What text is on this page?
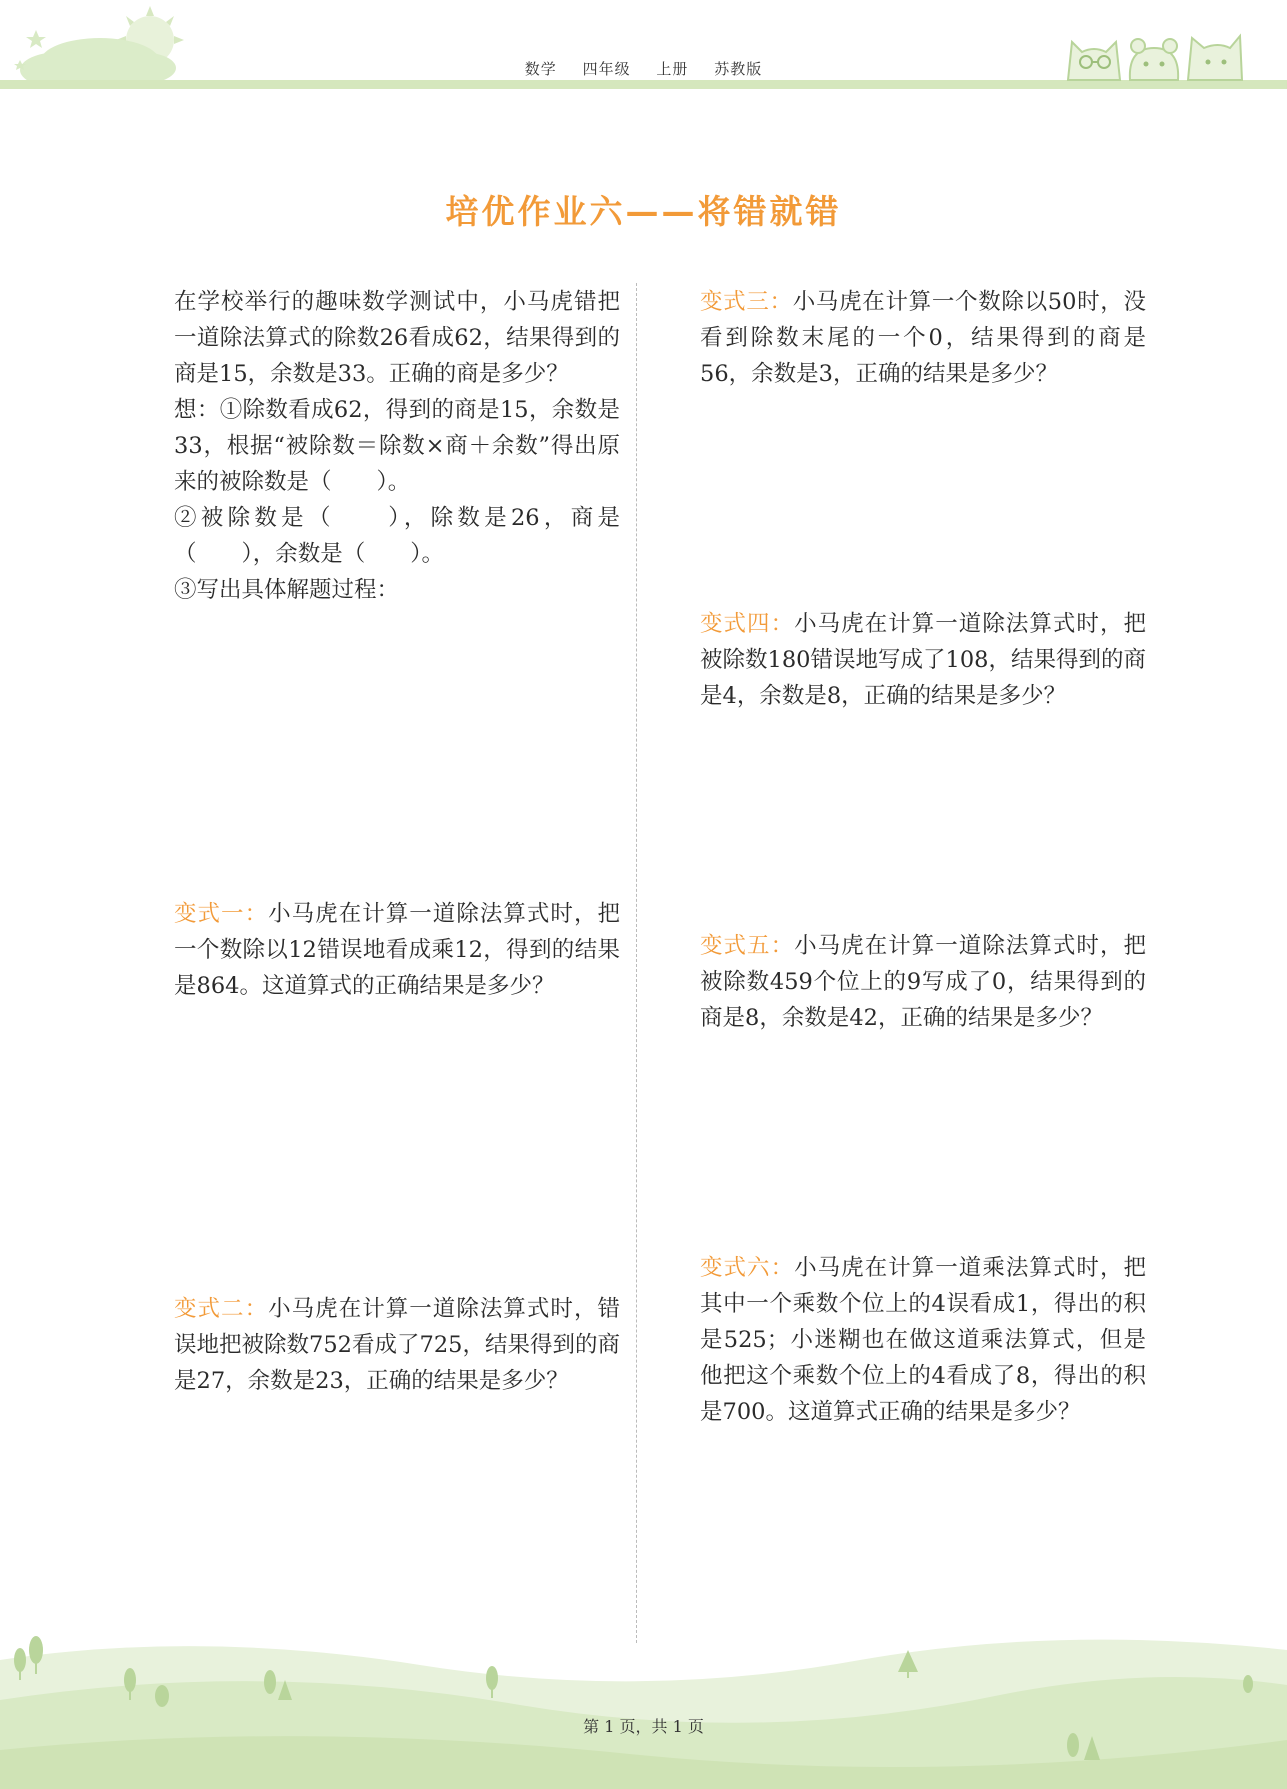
数学 四年级 上册 苏教版
培优作业六——将错就错

在学校举行的趣味数学测试中，小马虎错把一道除法算式的除数26看成62，结果得到的商是15，余数是33。正确的商是多少？

想：①除数看成62，得到的商是15，余数是33，根据“被除数＝除数×商＋余数”得出原来的被除数是（　　）。

②被除数是（　　），除数是26，商是（　　），余数是（　　）。

③写出具体解题过程：

变式一：小马虎在计算一道除法算式时，把一个数除以12错误地看成乘12，得到的结果是864。这道算式的正确结果是多少？

变式二：小马虎在计算一道除法算式时，错误地把被除数752看成了725，结果得到的商是27，余数是23，正确的结果是多少？

变式三：小马虎在计算一个数除以50时，没看到除数末尾的一个0，结果得到的商是56，余数是3，正确的结果是多少？

变式四：小马虎在计算一道除法算式时，把被除数180错误地写成了108，结果得到的商是4，余数是8，正确的结果是多少？

变式五：小马虎在计算一道除法算式时，把被除数459个位上的9写成了0，结果得到的商是8，余数是42，正确的结果是多少？

变式六：小马虎在计算一道乘法算式时，把其中一个乘数个位上的4误看成1，得出的积是525；小迷糊也在做这道乘法算式，但是他把这个乘数个位上的4看成了8，得出的积是700。这道算式正确的结果是多少？

第 1 页，共 1 页
